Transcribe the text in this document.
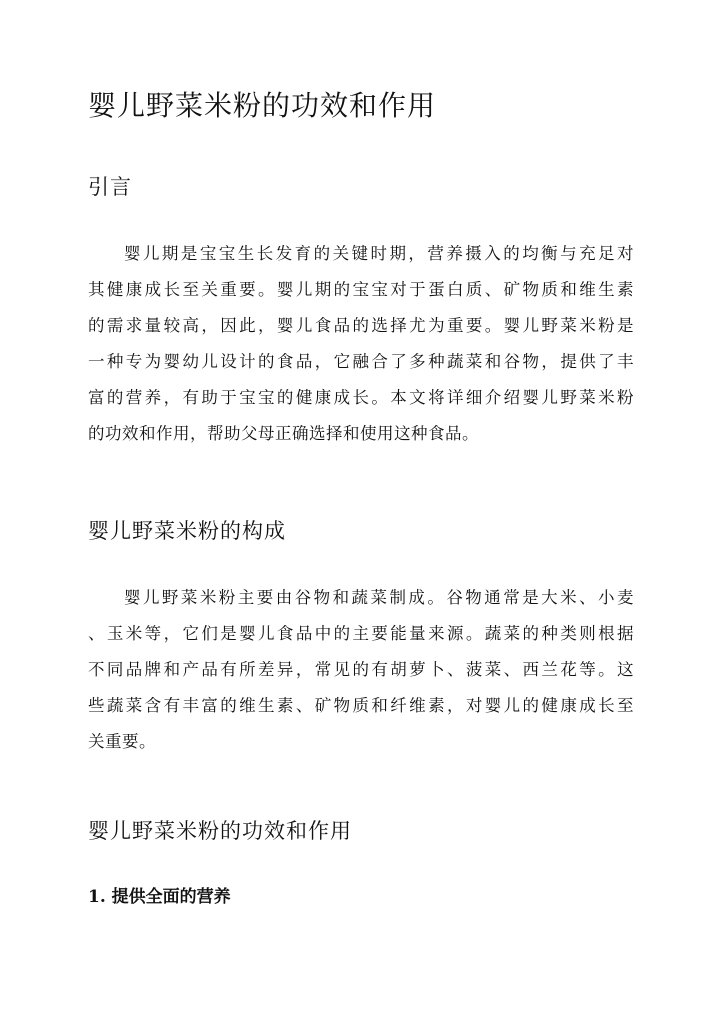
婴儿野菜米粉的功效和作用
引言
婴儿期是宝宝生长发育的关键时期，营养摄入的均衡与充足对
其健康成长至关重要。婴儿期的宝宝对于蛋白质、矿物质和维生素
的需求量较高，因此，婴儿食品的选择尤为重要。婴儿野菜米粉是
一种专为婴幼儿设计的食品，它融合了多种蔬菜和谷物，提供了丰
富的营养，有助于宝宝的健康成长。本文将详细介绍婴儿野菜米粉
的功效和作用，帮助父母正确选择和使用这种食品。
婴儿野菜米粉的构成
婴儿野菜米粉主要由谷物和蔬菜制成。谷物通常是大米、小麦
、玉米等，它们是婴儿食品中的主要能量来源。蔬菜的种类则根据
不同品牌和产品有所差异，常见的有胡萝卜、菠菜、西兰花等。这
些蔬菜含有丰富的维生素、矿物质和纤维素，对婴儿的健康成长至
关重要。
婴儿野菜米粉的功效和作用
1. 提供全面的营养
